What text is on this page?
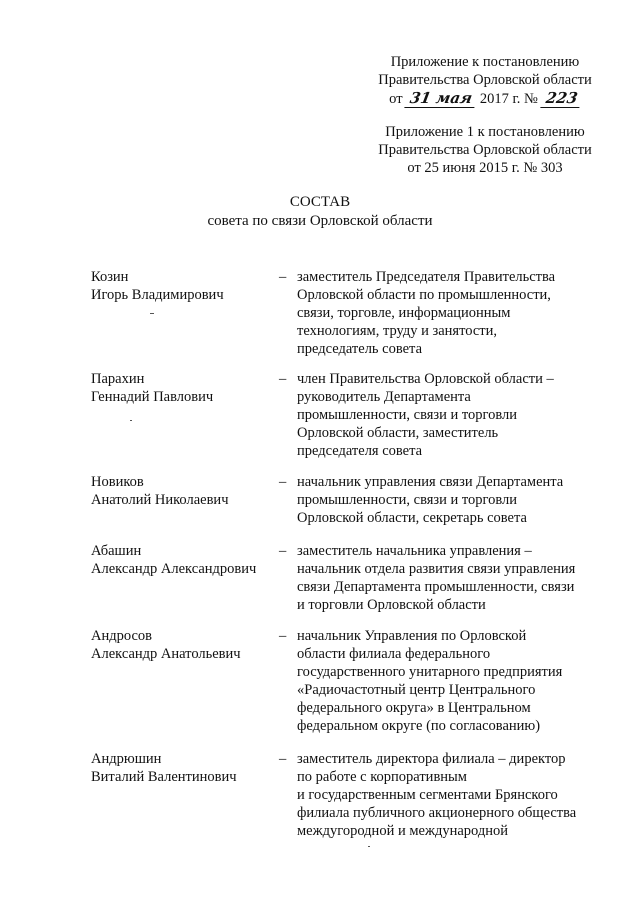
Приложение к постановлению
Правительства Орловской области
от 31 мая 2017 г. № 223
Приложение 1 к постановлению
Правительства Орловской области
от 25 июня 2015 г. № 303
СОСТАВ
совета по связи Орловской области
Козин
Игорь Владимирович
– заместитель Председателя Правительства
Орловской области по промышленности,
связи, торговле, информационным
технологиям, труду и занятости,
председатель совета
Парахин
Геннадий Павлович
– член Правительства Орловской области –
руководитель Департамента
промышленности, связи и торговли
Орловской области, заместитель
председателя совета
Новиков
Анатолий Николаевич
– начальник управления связи Департамента
промышленности, связи и торговли
Орловской области, секретарь совета
Абашин
Александр Александрович
– заместитель начальника управления –
начальник отдела развития связи управления
связи Департамента промышленности, связи
и торговли Орловской области
Андросов
Александр Анатольевич
– начальник Управления по Орловской
области филиала федерального
государственного унитарного предприятия
«Радиочастотный центр Центрального
федерального округа» в Центральном
федеральном округе (по согласованию)
Андрюшин
Виталий Валентинович
– заместитель директора филиала – директор
по работе с корпоративным
и государственным сегментами Брянского
филиала публичного акционерного общества
междугородной и международной
